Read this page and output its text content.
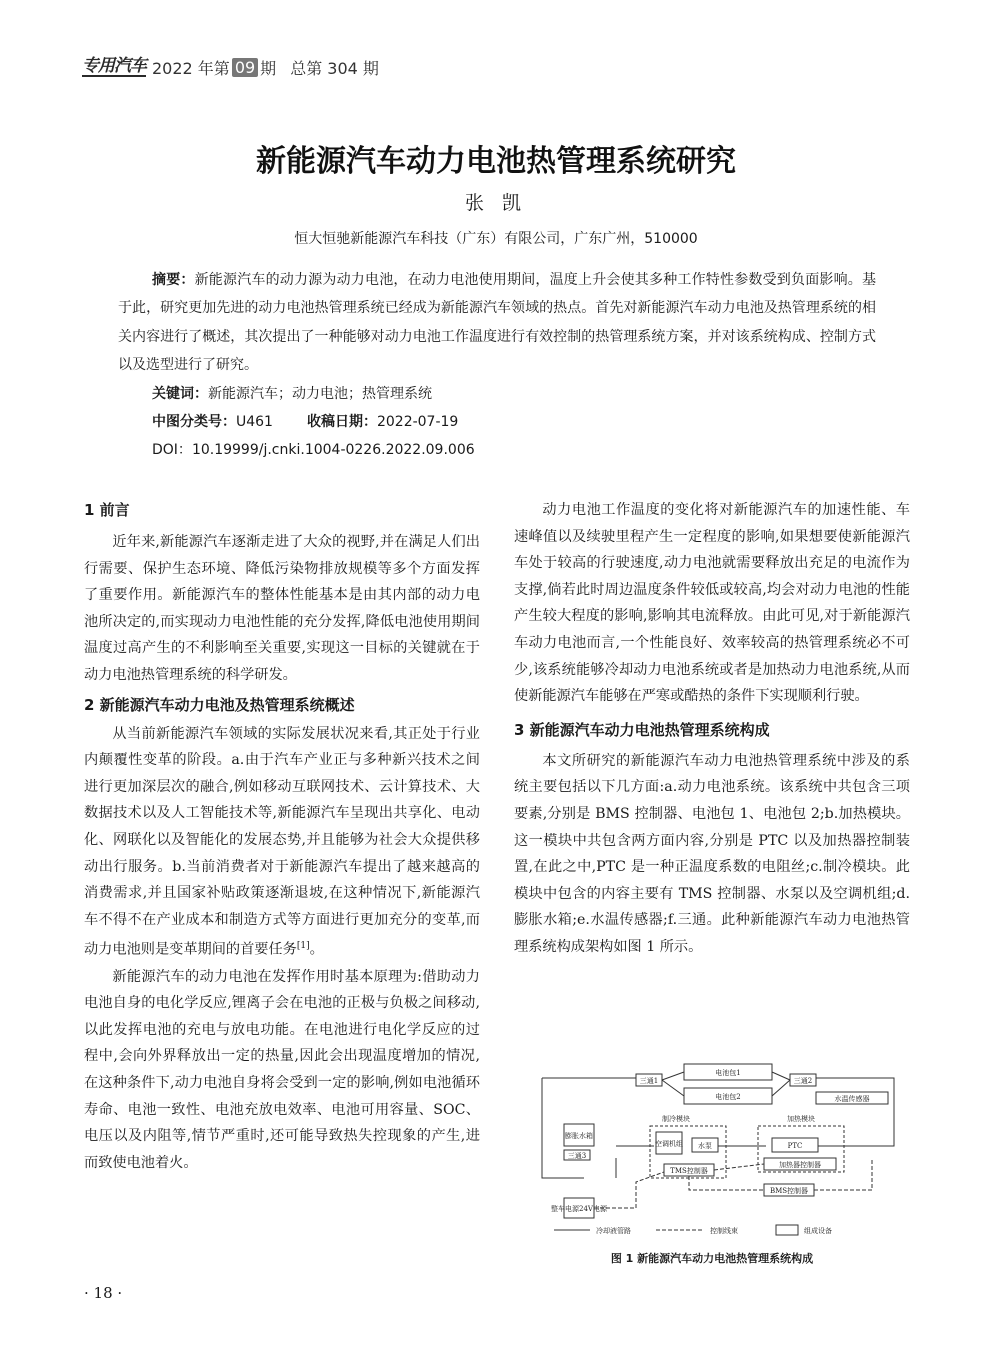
专用汽车 2022 年第 09 期 总第 304 期
新能源汽车动力电池热管理系统研究
张 凯
恒大恒驰新能源汽车科技（广东）有限公司，广东广州，510000
摘要：新能源汽车的动力源为动力电池，在动力电池使用期间，温度上升会使其多种工作特性参数受到负面影响。基于此，研究更加先进的动力电池热管理系统已经成为新能源汽车领域的热点。首先对新能源汽车动力电池及热管理系统的相关内容进行了概述，其次提出了一种能够对动力电池工作温度进行有效控制的热管理系统方案，并对该系统构成、控制方式以及选型进行了研究。
关键词：新能源汽车；动力电池；热管理系统
中图分类号：U461 收稿日期：2022-07-19
DOI：10.19999/j.cnki.1004-0226.2022.09.006
1 前言

近年来,新能源汽车逐渐走进了大众的视野,并在满足人们出行需要、保护生态环境、降低污染物排放规模等多个方面发挥了重要作用。新能源汽车的整体性能基本是由其内部的动力电池所决定的,而实现动力电池性能的充分发挥,降低电池使用期间温度过高产生的不利影响至关重要,实现这一目标的关键就在于动力电池热管理系统的科学研发。

2 新能源汽车动力电池及热管理系统概述

从当前新能源汽车领域的实际发展状况来看,其正处于行业内颠覆性变革的阶段。a.由于汽车产业正与多种新兴技术之间进行更加深层次的融合,例如移动互联网技术、云计算技术、大数据技术以及人工智能技术等,新能源汽车呈现出共享化、电动化、网联化以及智能化的发展态势,并且能够为社会大众提供移动出行服务。b.当前消费者对于新能源汽车提出了越来越高的消费需求,并且国家补贴政策逐渐退坡,在这种情况下,新能源汽车不得不在产业成本和制造方式等方面进行更加充分的变革,而动力电池则是变革期间的首要任务[1]。

新能源汽车的动力电池在发挥作用时基本原理为:借助动力电池自身的电化学反应,锂离子会在电池的正极与负极之间移动,以此发挥电池的充电与放电功能。在电池进行电化学反应的过程中,会向外界释放出一定的热量,因此会出现温度增加的情况,在这种条件下,动力电池自身将会受到一定的影响,例如电池循环寿命、电池一致性、电池充放电效率、电池可用容量、SOC、电压以及内阻等,情节严重时,还可能导致热失控现象的产生,进而致使电池着火。

动力电池工作温度的变化将对新能源汽车的加速性能、车速峰值以及续驶里程产生一定程度的影响,如果想要使新能源汽车处于较高的行驶速度,动力电池就需要释放出充足的电流作为支撑,倘若此时周边温度条件较低或较高,均会对动力电池的性能产生较大程度的影响,影响其电流释放。由此可见,对于新能源汽车动力电池而言,一个性能良好、效率较高的热管理系统必不可少,该系统能够冷却动力电池系统或者是加热动力电池系统,从而使新能源汽车能够在严寒或酷热的条件下实现顺利行驶。

3 新能源汽车动力电池热管理系统构成

本文所研究的新能源汽车动力电池热管理系统中涉及的系统主要包括以下几方面:a.动力电池系统。该系统中共包含三项要素,分别是 BMS 控制器、电池包 1、电池包 2;b.加热模块。这一模块中共包含两方面内容,分别是 PTC 以及加热器控制装置,在此之中,PTC 是一种正温度系数的电阻丝;c.制冷模块。此模块中包含的内容主要有 TMS 控制器、水泵以及空调机组;d.膨胀水箱;e.水温传感器;f.三通。此种新能源汽车动力电池热管理系统构成架构如图 1 所示。

电池包1
电池包2
三通1	三通2
水温传感器
制冷模块	加热模块
膨胀水箱
三通3
空调机组 水泵
TMS控制器
PTC
加热器控制器
BMS控制器
整车电源24V电源
冷却液管路	控制线束	组成设备
图 1 新能源汽车动力电池热管理系统构成
· 18 ·
